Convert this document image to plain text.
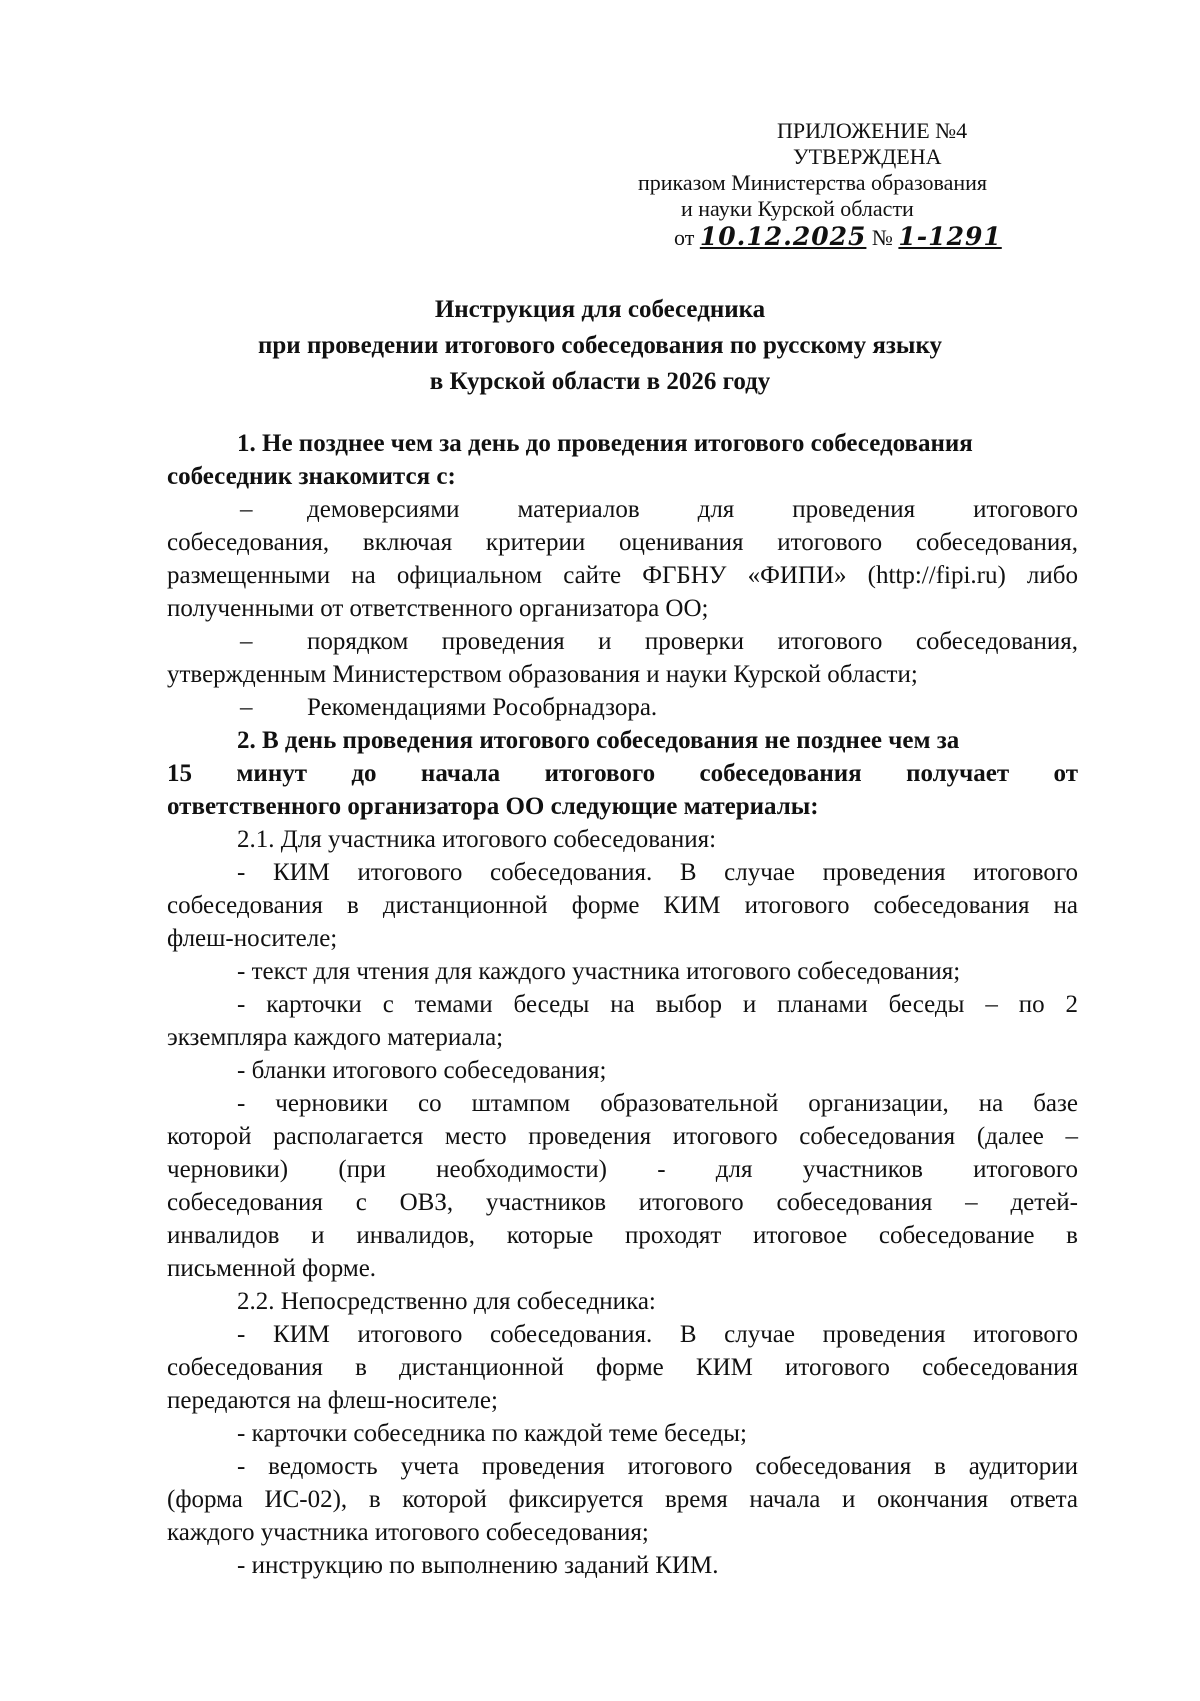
ПРИЛОЖЕНИЕ №4
УТВЕРЖДЕНА
приказом Министерства образования
и науки Курской области
от 10.12.2025 № 1-1291
Инструкция для собеседника
при проведении итогового собеседования по русскому языку
в Курской области в 2026 году
1. Не позднее чем за день до проведения итогового собеседования
собеседник знакомится с:
–	демоверсиями материалов для проведения итогового
собеседования, включая критерии оценивания итогового собеседования,
размещенными на официальном сайте ФГБНУ «ФИПИ» (http://fipi.ru) либо
полученными от ответственного организатора ОО;
–	порядком проведения и проверки итогового собеседования,
утвержденным Министерством образования и науки Курской области;
–	Рекомендациями Рособрнадзора.
2. В день проведения итогового собеседования не позднее чем за
15 минут до начала итогового собеседования получает от
ответственного организатора ОО следующие материалы:
2.1. Для участника итогового собеседования:
- КИМ итогового собеседования. В случае проведения итогового
собеседования в дистанционной форме КИМ итогового собеседования на
флеш-носителе;
- текст для чтения для каждого участника итогового собеседования;
- карточки с темами беседы на выбор и планами беседы – по 2
экземпляра каждого материала;
- бланки итогового собеседования;
- черновики со штампом образовательной организации, на базе
которой располагается место проведения итогового собеседования (далее –
черновики) (при необходимости) - для участников итогового
собеседования с ОВЗ, участников итогового собеседования – детей-
инвалидов и инвалидов, которые проходят итоговое собеседование в
письменной форме.
2.2. Непосредственно для собеседника:
- КИМ итогового собеседования. В случае проведения итогового
собеседования в дистанционной форме КИМ итогового собеседования
передаются на флеш-носителе;
- карточки собеседника по каждой теме беседы;
- ведомость учета проведения итогового собеседования в аудитории
(форма ИС-02), в которой фиксируется время начала и окончания ответа
каждого участника итогового собеседования;
- инструкцию по выполнению заданий КИМ.
